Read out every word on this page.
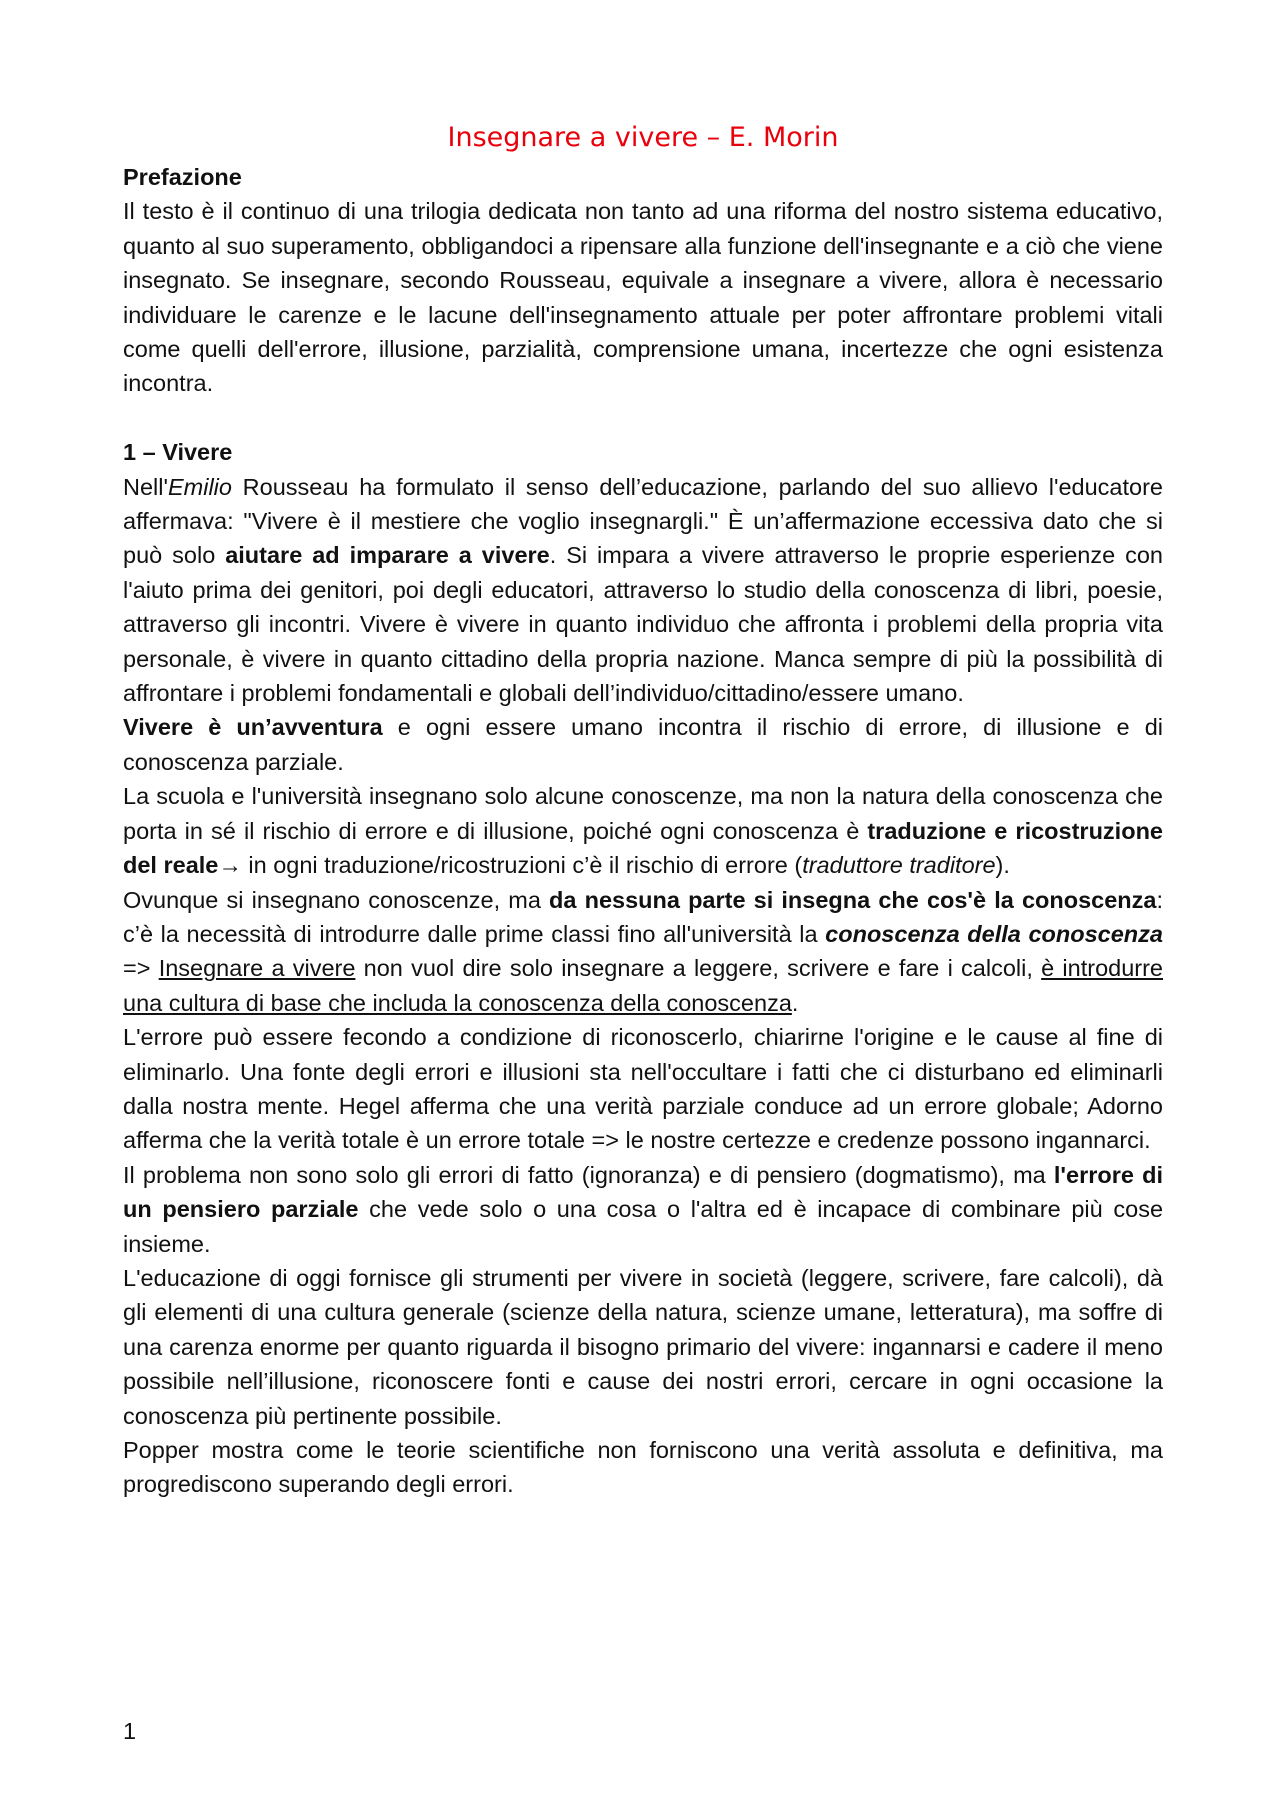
Insegnare a vivere – E. Morin
Prefazione

Il testo è il continuo di una trilogia dedicata non tanto ad una riforma del nostro sistema educativo, quanto al suo superamento, obbligandoci a ripensare alla funzione dell'insegnante e a ciò che viene insegnato. Se insegnare, secondo Rousseau, equivale a insegnare a vivere, allora è necessario individuare le carenze e le lacune dell'insegnamento attuale per poter affrontare problemi vitali come quelli dell'errore, illusione, parzialità, comprensione umana, incertezze che ogni esistenza incontra.

1 – Vivere

Nell'Emilio Rousseau ha formulato il senso dell’educazione, parlando del suo allievo l'educatore affermava: "Vivere è il mestiere che voglio insegnargli." È un’affermazione eccessiva dato che si può solo aiutare ad imparare a vivere. Si impara a vivere attraverso le proprie esperienze con l'aiuto prima dei genitori, poi degli educatori, attraverso lo studio della conoscenza di libri, poesie, attraverso gli incontri. Vivere è vivere in quanto individuo che affronta i problemi della propria vita personale, è vivere in quanto cittadino della propria nazione. Manca sempre di più la possibilità di affrontare i problemi fondamentali e globali dell’individuo/cittadino/essere umano.

Vivere è un’avventura e ogni essere umano incontra il rischio di errore, di illusione e di conoscenza parziale.

La scuola e l'università insegnano solo alcune conoscenze, ma non la natura della conoscenza che porta in sé il rischio di errore e di illusione, poiché ogni conoscenza è traduzione e ricostruzione del reale→ in ogni traduzione/ricostruzioni c’è il rischio di errore (traduttore traditore).

Ovunque si insegnano conoscenze, ma da nessuna parte si insegna che cos'è la conoscenza: c’è la necessità di introdurre dalle prime classi fino all'università la conoscenza della conoscenza => Insegnare a vivere non vuol dire solo insegnare a leggere, scrivere e fare i calcoli, è introdurre una cultura di base che includa la conoscenza della conoscenza.

L'errore può essere fecondo a condizione di riconoscerlo, chiarirne l'origine e le cause al fine di eliminarlo. Una fonte degli errori e illusioni sta nell'occultare i fatti che ci disturbano ed eliminarli dalla nostra mente. Hegel afferma che una verità parziale conduce ad un errore globale; Adorno afferma che la verità totale è un errore totale => le nostre certezze e credenze possono ingannarci.

Il problema non sono solo gli errori di fatto (ignoranza) e di pensiero (dogmatismo), ma l'errore di un pensiero parziale che vede solo o una cosa o l'altra ed è incapace di combinare più cose insieme.

L'educazione di oggi fornisce gli strumenti per vivere in società (leggere, scrivere, fare calcoli), dà gli elementi di una cultura generale (scienze della natura, scienze umane, letteratura), ma soffre di una carenza enorme per quanto riguarda il bisogno primario del vivere: ingannarsi e cadere il meno possibile nell’illusione, riconoscere fonti e cause dei nostri errori, cercare in ogni occasione la conoscenza più pertinente possibile.

Popper mostra come le teorie scientifiche non forniscono una verità assoluta e definitiva, ma progrediscono superando degli errori.

1
